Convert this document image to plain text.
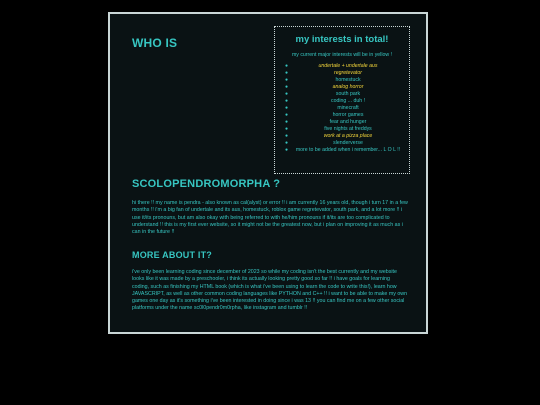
WHO IS	my interests in total!
my current major interests will be in yellow !
●	undertale + undertale aus
●	regretevator
●	homestuck
●	analog horror
●	south park
●	coding ... duh !
●	minecraft
●	horror games
●	fear and hunger
●	five nights at freddys
●	work at a pizza place
●	slenderverse
● more to be added when i remember... L O L !!
SCOLOPENDROMORPHA ?
hi there !! my name is pendra - also known as cal(alyst) or error !! i am currently 16 years old, though i turn 17 in a few months !! i'm a big fan of undertale and its aus, homestuck, roblox game regretevator, south park, and a lot more !! i use it/its pronouns, but am also okay with being referred to with he/him pronouns if it/its are too complicated to understand !! this is my first ever website, so it might not be the greatest now, but i plan on improving it as much as i can in the future !!
MORE ABOUT IT?
i've only been learning coding since december of 2023 so while my coding isn't the best currently and my website looks like it was made by a preschooler, i think its actually looking pretty good so far !! i have goals for learning coding, such as finishing my HTML book (which is what i've been using to learn the code to write this!), learn how JAVASCRIPT, as well as other common coding languages like PYTHON and C++ !! i want to be able to make my own games one day as it's something i've been interested in doing since i was 13 !! you can find me on a few other social platforms under the name sc0l0pendr0m0rpha, like instagram and tumblr !!
